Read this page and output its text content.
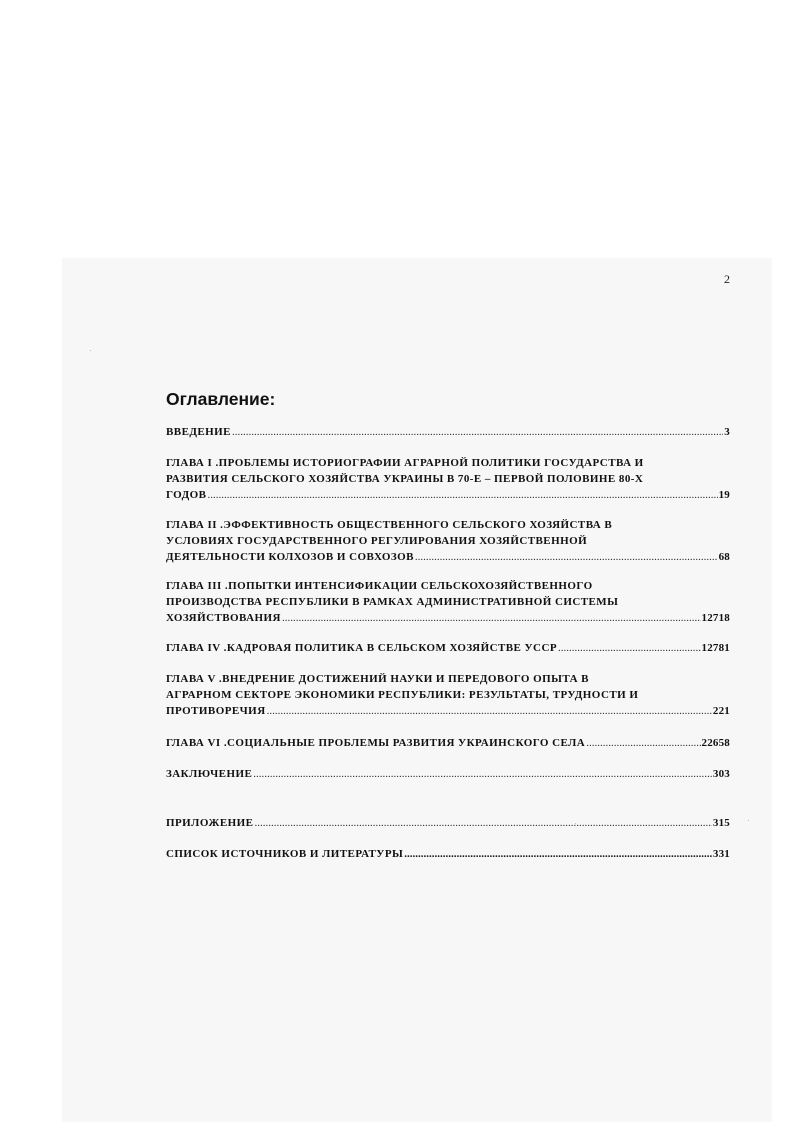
2
Оглавление:
ВВЕДЕНИЕ .....	3
ГЛАВА I .ПРОБЛЕМЫ ИСТОРИОГРАФИИ АГРАРНОЙ ПОЛИТИКИ ГОСУДАРСТВА И
РАЗВИТИЯ СЕЛЬСКОГО ХОЗЯЙСТВА УКРАИНЫ В 70-Е – ПЕРВОЙ ПОЛОВИНЕ 80-Х
ГОДОВ .....	19
ГЛАВА II .ЭФФЕКТИВНОСТЬ ОБЩЕСТВЕННОГО СЕЛЬСКОГО ХОЗЯЙСТВА В
УСЛОВИЯХ ГОСУДАРСТВЕННОГО РЕГУЛИРОВАНИЯ ХОЗЯЙСТВЕННОЙ
ДЕЯТЕЛЬНОСТИ КОЛХОЗОВ И СОВХОЗОВ .....	68
ГЛАВА III .ПОПЫТКИ ИНТЕНСИФИКАЦИИ СЕЛЬСКОХОЗЯЙСТВЕННОГО
ПРОИЗВОДСТВА РЕСПУБЛИКИ В РАМКАХ АДМИНИСТРАТИВНОЙ СИСТЕМЫ
ХОЗЯЙСТВОВАНИЯ .....	12718
ГЛАВА IV .КАДРОВАЯ ПОЛИТИКА В СЕЛЬСКОМ ХОЗЯЙСТВЕ УССР .....	12781
ГЛАВА V .ВНЕДРЕНИЕ ДОСТИЖЕНИЙ НАУКИ И ПЕРЕДОВОГО ОПЫТА В
АГРАРНОМ СЕКТОРЕ ЭКОНОМИКИ РЕСПУБЛИКИ: РЕЗУЛЬТАТЫ, ТРУДНОСТИ И
ПРОТИВОРЕЧИЯ .....	221
ГЛАВА VI .СОЦИАЛЬНЫЕ ПРОБЛЕМЫ РАЗВИТИЯ УКРАИНСКОГО СЕЛА .....	22658
ЗАКЛЮЧЕНИЕ .....	303
ПРИЛОЖЕНИЕ .....	315
СПИСОК ИСТОЧНИКОВ И ЛИТЕРАТУРЫ .....	331
